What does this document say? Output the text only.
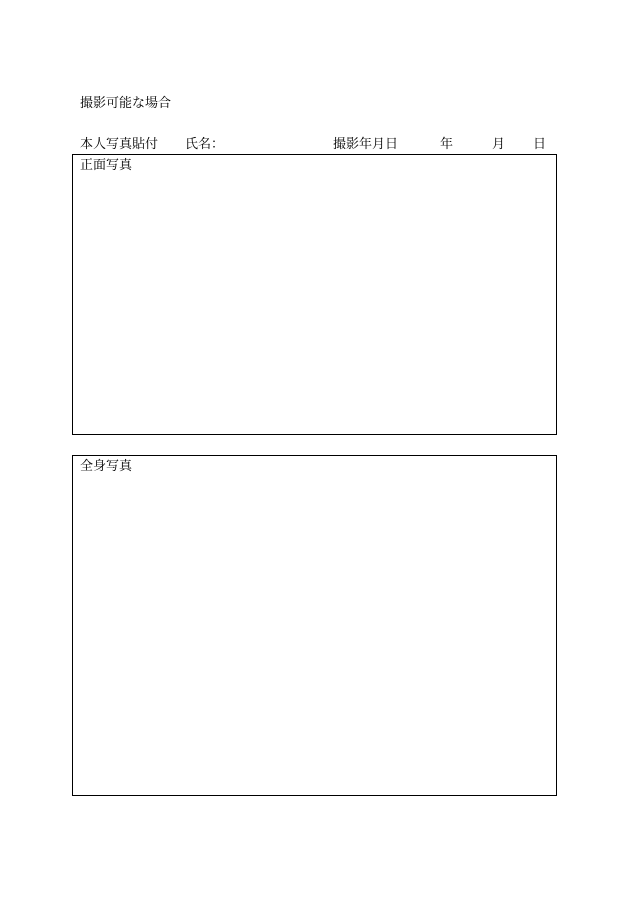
撮影可能な場合
本人写真貼付 氏名：	撮影年月日	年	月 日
正面写真
全身写真
